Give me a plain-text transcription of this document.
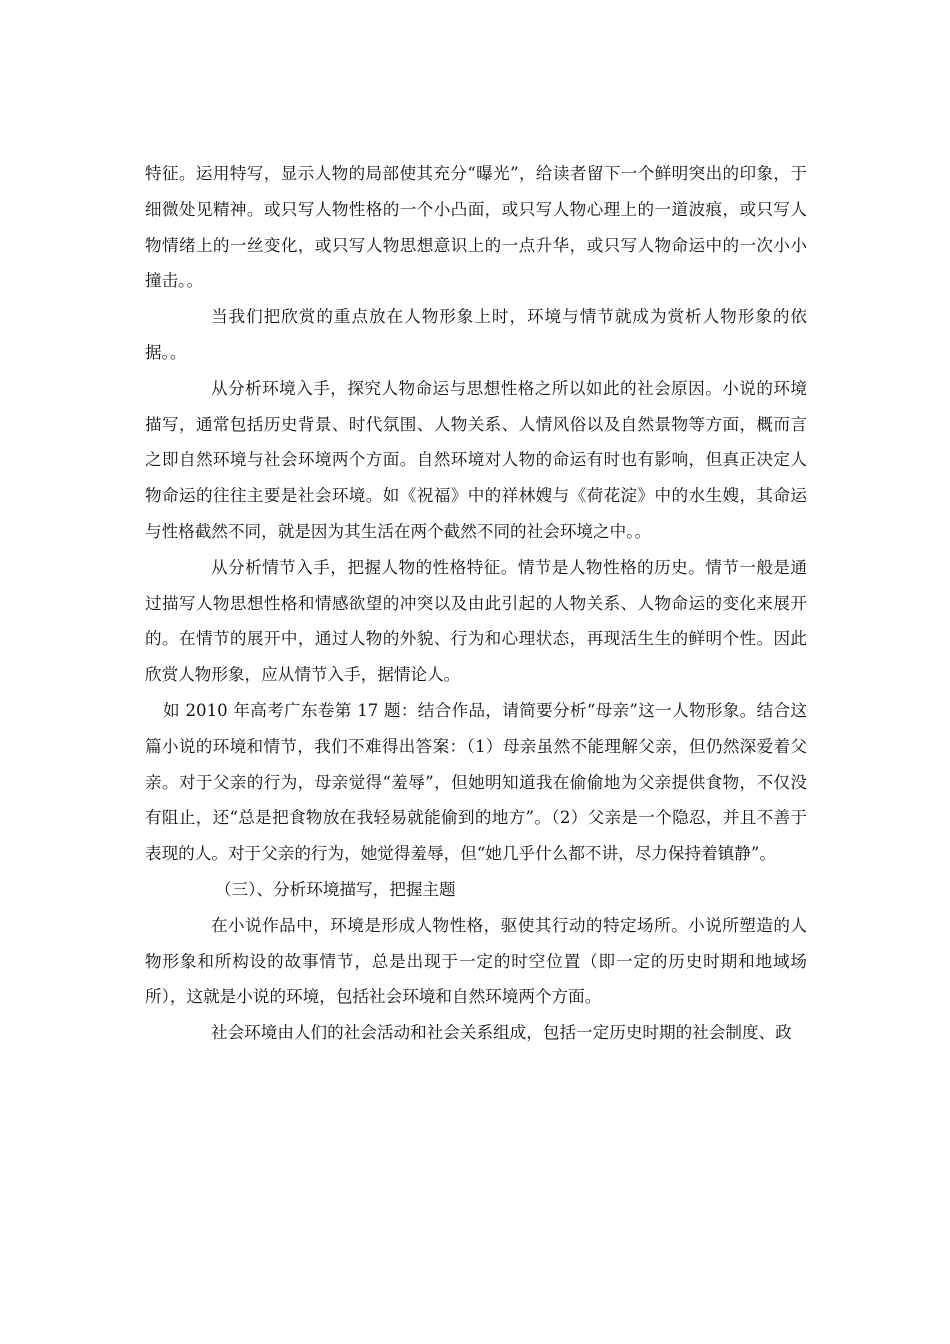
特征。运用特写，显示人物的局部使其充分“曝光”，给读者留下一个鲜明突出的印象，于细微处见精神。或只写人物性格的一个小凸面，或只写人物心理上的一道波痕，或只写人物情绪上的一丝变化，或只写人物思想意识上的一点升华，或只写人物命运中的一次小小撞击。。

当我们把欣赏的重点放在人物形象上时，环境与情节就成为赏析人物形象的依据。。

从分析环境入手，探究人物命运与思想性格之所以如此的社会原因。小说的环境描写，通常包括历史背景、时代氛围、人物关系、人情风俗以及自然景物等方面，概而言之即自然环境与社会环境两个方面。自然环境对人物的命运有时也有影响，但真正决定人物命运的往往主要是社会环境。如《祝福》中的祥林嫂与《荷花淀》中的水生嫂，其命运与性格截然不同，就是因为其生活在两个截然不同的社会环境之中。。

从分析情节入手，把握人物的性格特征。情节是人物性格的历史。情节一般是通过描写人物思想性格和情感欲望的冲突以及由此引起的人物关系、人物命运的变化来展开的。在情节的展开中，通过人物的外貌、行为和心理状态，再现活生生的鲜明个性。因此欣赏人物形象，应从情节入手，据情论人。

如 2010 年高考广东卷第 17 题：结合作品，请简要分析“母亲”这一人物形象。结合这篇小说的环境和情节，我们不难得出答案：（1）母亲虽然不能理解父亲，但仍然深爱着父亲。对于父亲的行为，母亲觉得“羞辱”，但她明知道我在偷偷地为父亲提供食物，不仅没有阻止，还“总是把食物放在我轻易就能偷到的地方”。（2）父亲是一个隐忍，并且不善于表现的人。对于父亲的行为，她觉得羞辱，但“她几乎什么都不讲，尽力保持着镇静”。

（三）、分析环境描写，把握主题

在小说作品中，环境是形成人物性格，驱使其行动的特定场所。小说所塑造的人物形象和所构设的故事情节，总是出现于一定的时空位置（即一定的历史时期和地域场所），这就是小说的环境，包括社会环境和自然环境两个方面。

社会环境由人们的社会活动和社会关系组成，包括一定历史时期的社会制度、政
